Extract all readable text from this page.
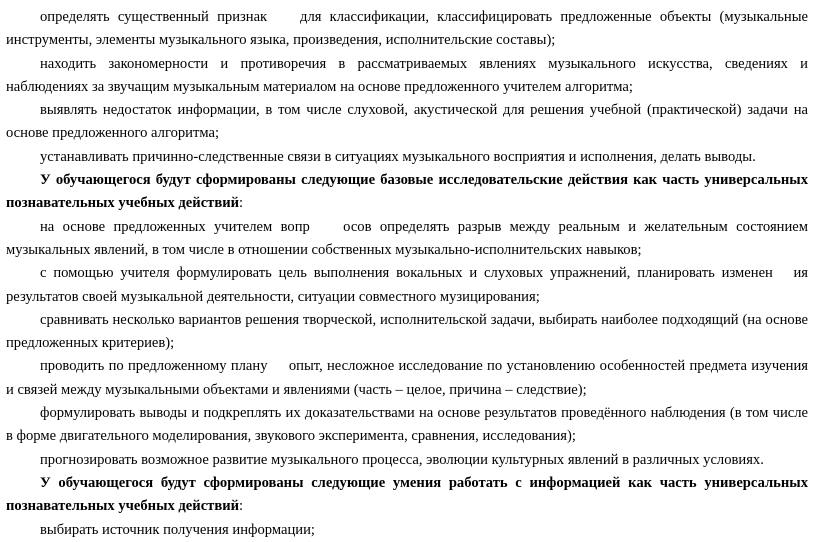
определять существенный признак    для классификации, классифицировать предложенные объекты (музыкальные инструменты, элементы музыкального языка, произведения, исполнительские составы);

находить закономерности и противоречия в рассматриваемых явлениях музыкального искусства, сведениях и наблюдениях за звучащим музыкальным материалом на основе предложенного учителем алгоритма;

выявлять недостаток информации, в том числе слуховой, акустической для решения учебной (практической) задачи на основе предложенного алгоритма;

устанавливать причинно-следственные связи в ситуациях музыкального восприятия и исполнения, делать выводы.

У обучающегося будут сформированы следующие базовые исследовательские действия как часть универсальных познавательных учебных действий:

на основе предложенных учителем вопр    осов определять разрыв между реальным и желательным состоянием музыкальных явлений, в том числе в отношении собственных музыкально-исполнительских навыков;

с помощью учителя формулировать цель выполнения вокальных и слуховых упражнений, планировать изменен   ия результатов своей музыкальной деятельности, ситуации совместного музицирования;

сравнивать несколько вариантов решения творческой, исполнительской задачи, выбирать наиболее подходящий (на основе предложенных критериев);

проводить по предложенному плану     опыт, несложное исследование по установлению особенностей предмета изучения и связей между музыкальными объектами и явлениями (часть – целое, причина – следствие);

формулировать выводы и подкреплять их доказательствами на основе результатов проведённого наблюдения (в том числе в форме двигательного моделирования, звукового эксперимента, сравнения, исследования);

прогнозировать возможное развитие музыкального процесса, эволюции культурных явлений в различных условиях.

У обучающегося будут сформированы следующие умения работать с информацией как часть универсальных познавательных учебных действий:

выбирать источник получения информации;
